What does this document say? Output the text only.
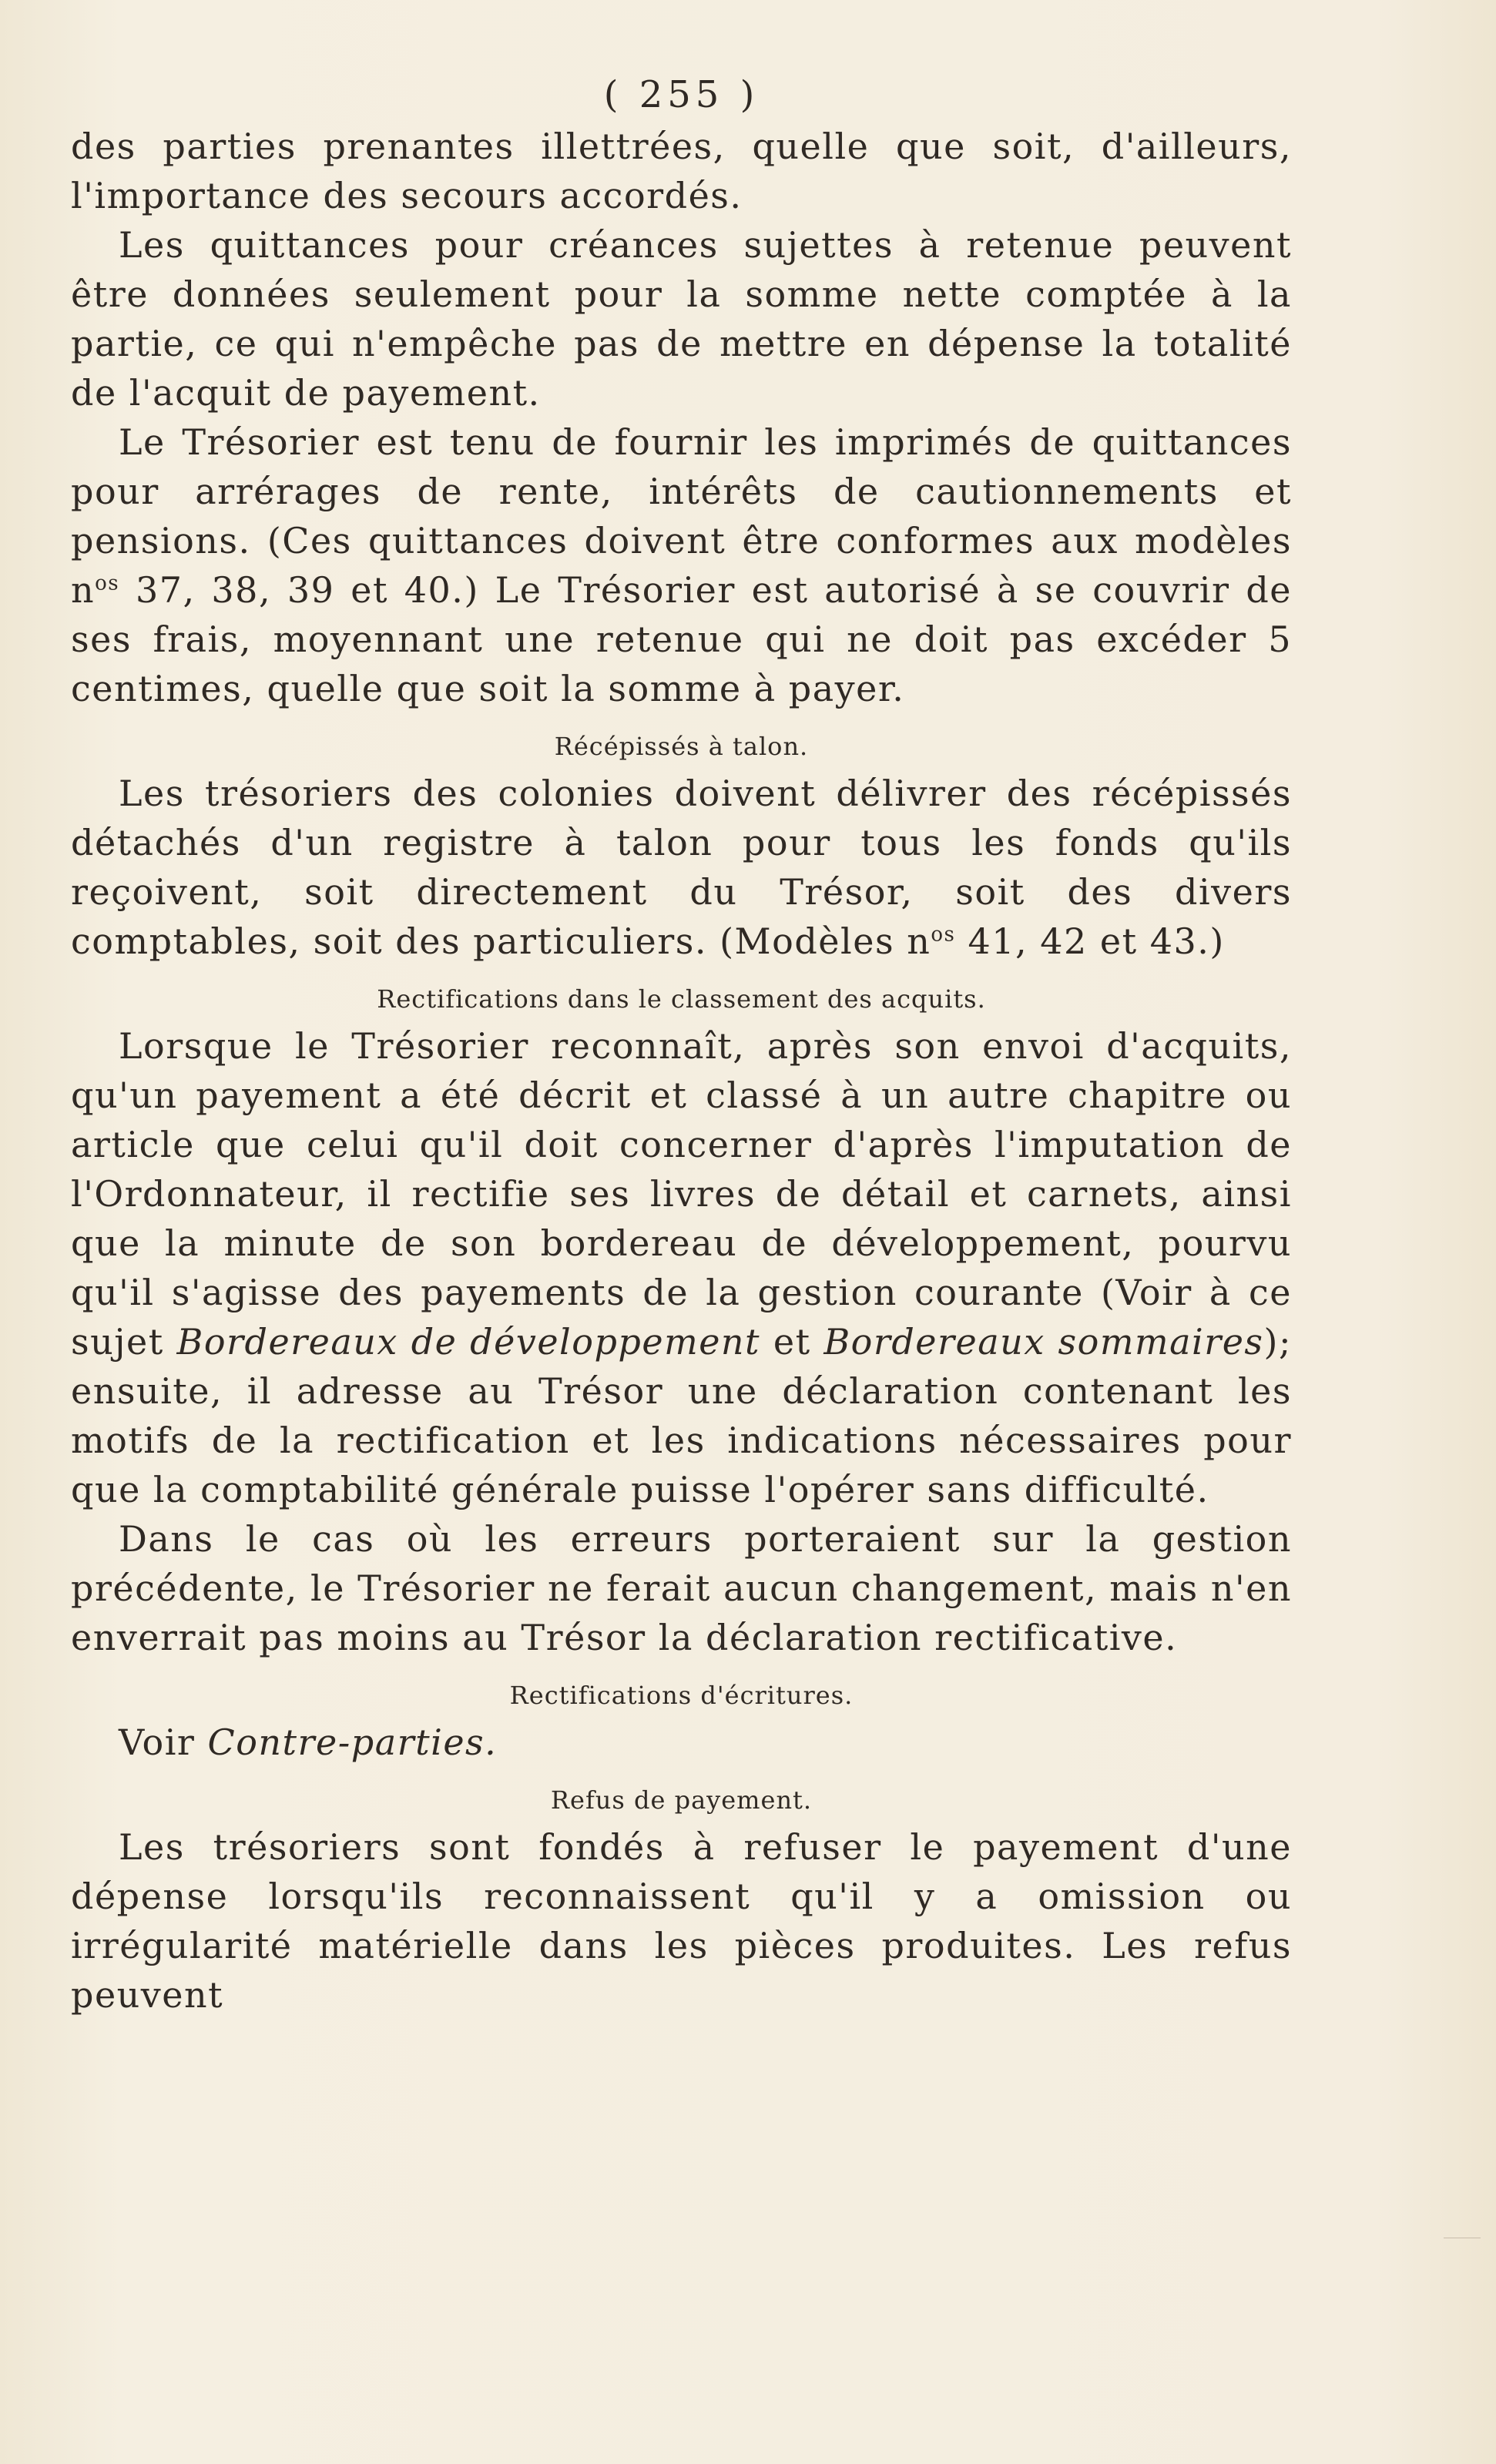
( 255 )

des parties prenantes illettrées, quelle que soit, d'ailleurs, l'importance des secours accordés.

Les quittances pour créances sujettes à retenue peuvent être données seulement pour la somme nette comptée à la partie, ce qui n'empêche pas de mettre en dépense la totalité de l'acquit de payement.

Le Trésorier est tenu de fournir les imprimés de quittances pour arrérages de rente, intérêts de cautionnements et pensions. (Ces quittances doivent être conformes aux modèles $n^{os}$ 37, 38, 39 et 40.) Le Trésorier est autorisé à se couvrir de ses frais, moyennant une retenue qui ne doit pas excéder 5 centimes, quelle que soit la somme à payer.

Récépissés à talon.

Les trésoriers des colonies doivent délivrer des récépissés détachés d'un registre à talon pour tous les fonds qu'ils reçoivent, soit directement du Trésor, soit des divers comptables, soit des particuliers. (Modèles $n^{os}$ 41, 42 et 43.)

Rectifications dans le classement des acquits.

Lorsque le Trésorier reconnaît, après son envoi d'acquits, qu'un payement a été décrit et classé à un autre chapitre ou article que celui qu'il doit concerner d'après l'imputation de l'Ordonnateur, il rectifie ses livres de détail et carnets, ainsi que la minute de son bordereau de développement, pourvu qu'il s'agisse des payements de la gestion courante (Voir à ce sujet Bordereaux de développement et Bordereaux sommaires); ensuite, il adresse au Trésor une déclaration contenant les motifs de la rectification et les indications nécessaires pour que la comptabilité générale puisse l'opérer sans difficulté.

Dans le cas où les erreurs porteraient sur la gestion précédente, le Trésorier ne ferait aucun changement, mais n'en enverrait pas moins au Trésor la déclaration rectificative.

Rectifications d'écritures.

Voir Contre-parties.

Refus de payement.

Les trésoriers sont fondés à refuser le payement d'une dépense lorsqu'ils reconnaissent qu'il y a omission ou irrégularité matérielle dans les pièces produites. Les refus peuvent
